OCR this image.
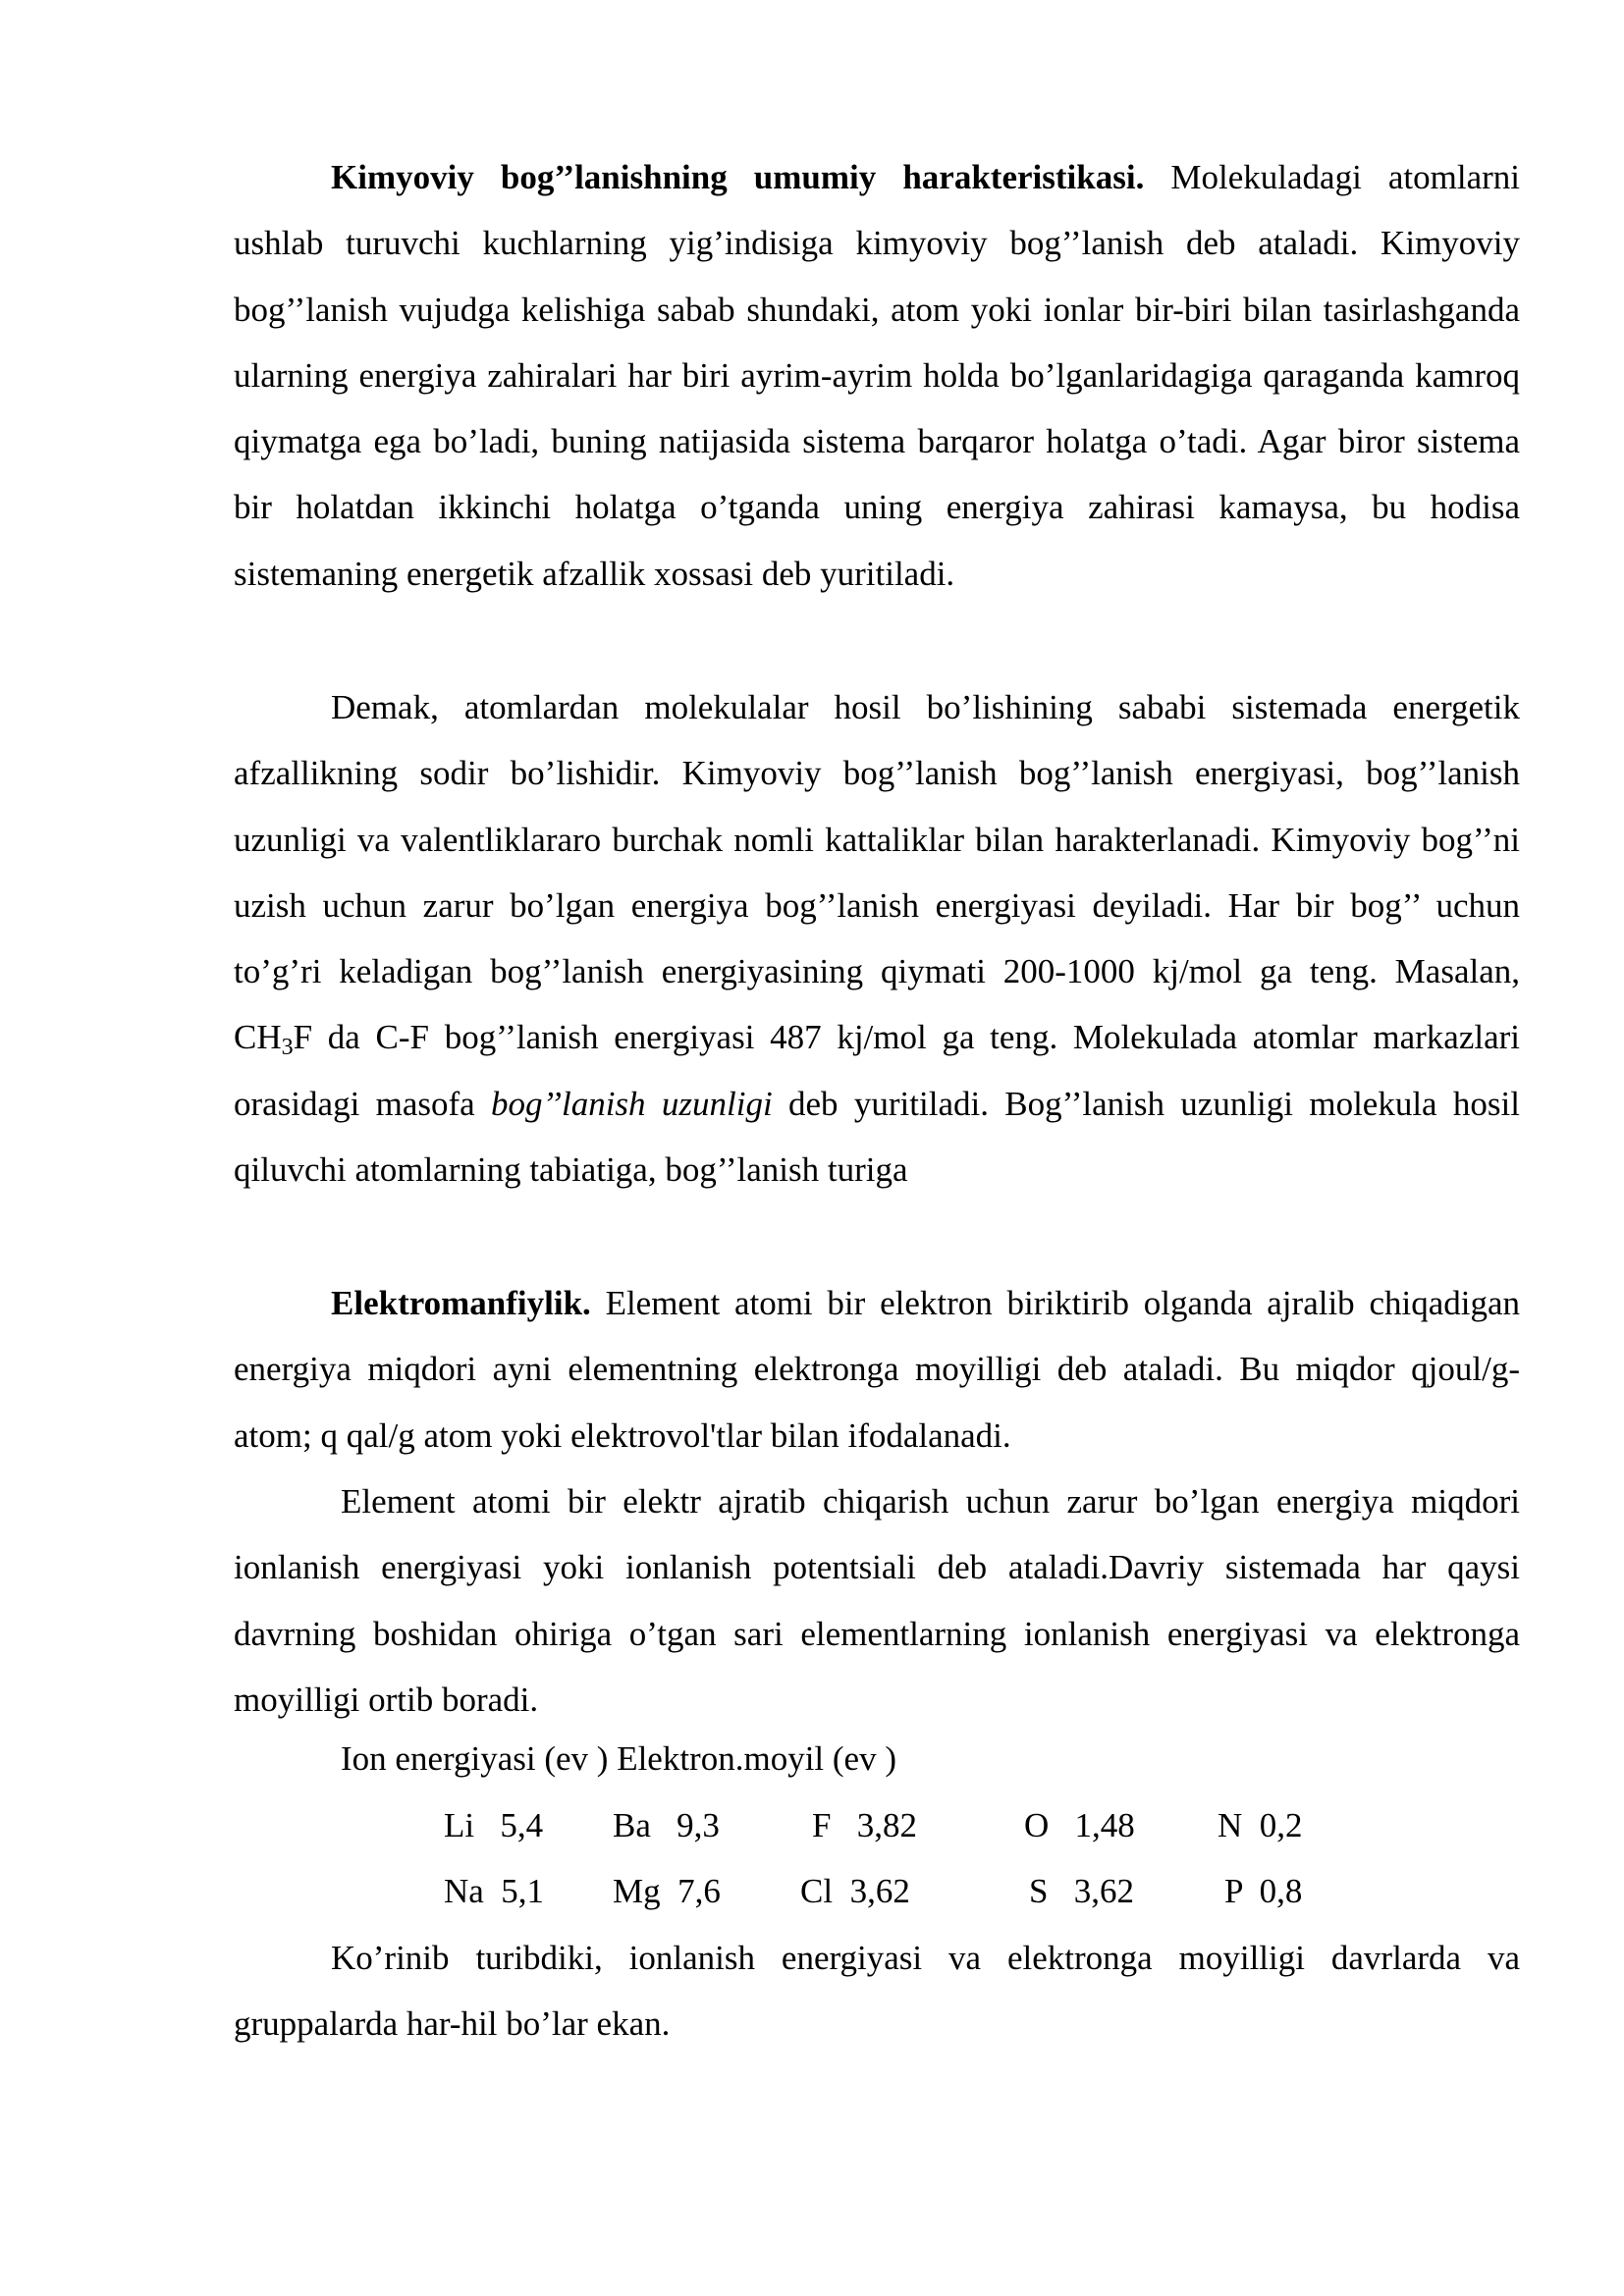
Kimyoviy bog’’lanishning umumiy harakteristikasi. Molekuladagi atomlarni ushlab turuvchi kuchlarning yig’indisiga kimyoviy bog’’lanish deb ataladi. Kimyoviy bog’’lanish vujudga kelishiga sabab shundaki, atom yoki ionlar bir-biri bilan tasirlashganda ularning energiya zahiralari har biri ayrim-ayrim holda bo’lganlaridagiga qaraganda kamroq qiymatga ega bo’ladi, buning natijasida sistema barqaror holatga o’tadi. Agar biror sistema bir holatdan ikkinchi holatga o’tganda uning energiya zahirasi kamaysa, bu hodisa sistemaning energetik afzallik xossasi deb yuritiladi.

Demak, atomlardan molekulalar hosil bo’lishining sababi sistemada energetik afzallikning sodir bo’lishidir. Kimyoviy bog’’lanish bog’’lanish energiyasi, bog’’lanish uzunligi va valentliklararo burchak nomli kattaliklar bilan harakterlanadi. Kimyoviy bog’’ni uzish uchun zarur bo’lgan energiya bog’’lanish energiyasi deyiladi. Har bir bog’’ uchun to’g’ri keladigan bog’’lanish energiyasining qiymati 200-1000 kj/mol ga teng. Masalan, $CH_3F$ da C-F bog’’lanish energiyasi 487 kj/mol ga teng. Molekulada atomlar markazlari orasidagi masofa bog’’lanish uzunligi deb yuritiladi. Bog’’lanish uzunligi molekula hosil qiluvchi atomlarning tabiatiga, bog’’lanish turiga

Elektromanfiylik. Element atomi bir elektron biriktirib olganda ajralib chiqadigan energiya miqdori ayni elementning elektronga moyilligi deb ataladi. Bu miqdor qjoul/g-atom; q qal/g atom yoki elektrovol'tlar bilan ifodalanadi.

Element atomi bir elektr ajratib chiqarish uchun zarur bo’lgan energiya miqdori ionlanish energiyasi yoki ionlanish potentsiali deb ataladi.Davriy sistemada har qaysi davrning boshidan ohiriga o’tgan sari elementlarning ionlanish energiyasi va elektronga moyilligi ortib boradi.

Ion energiyasi (ev ) Elektron.moyil (ev )

Li   5,4 Ba   9,3	F   3,82	O   1,48 N  0,2
Na  5,1 Mg  7,6 Cl  3,62	S   3,62	P  0,8

Ko’rinib turibdiki, ionlanish energiyasi va elektronga moyilligi davrlarda va gruppalarda har-hil bo’lar ekan.
